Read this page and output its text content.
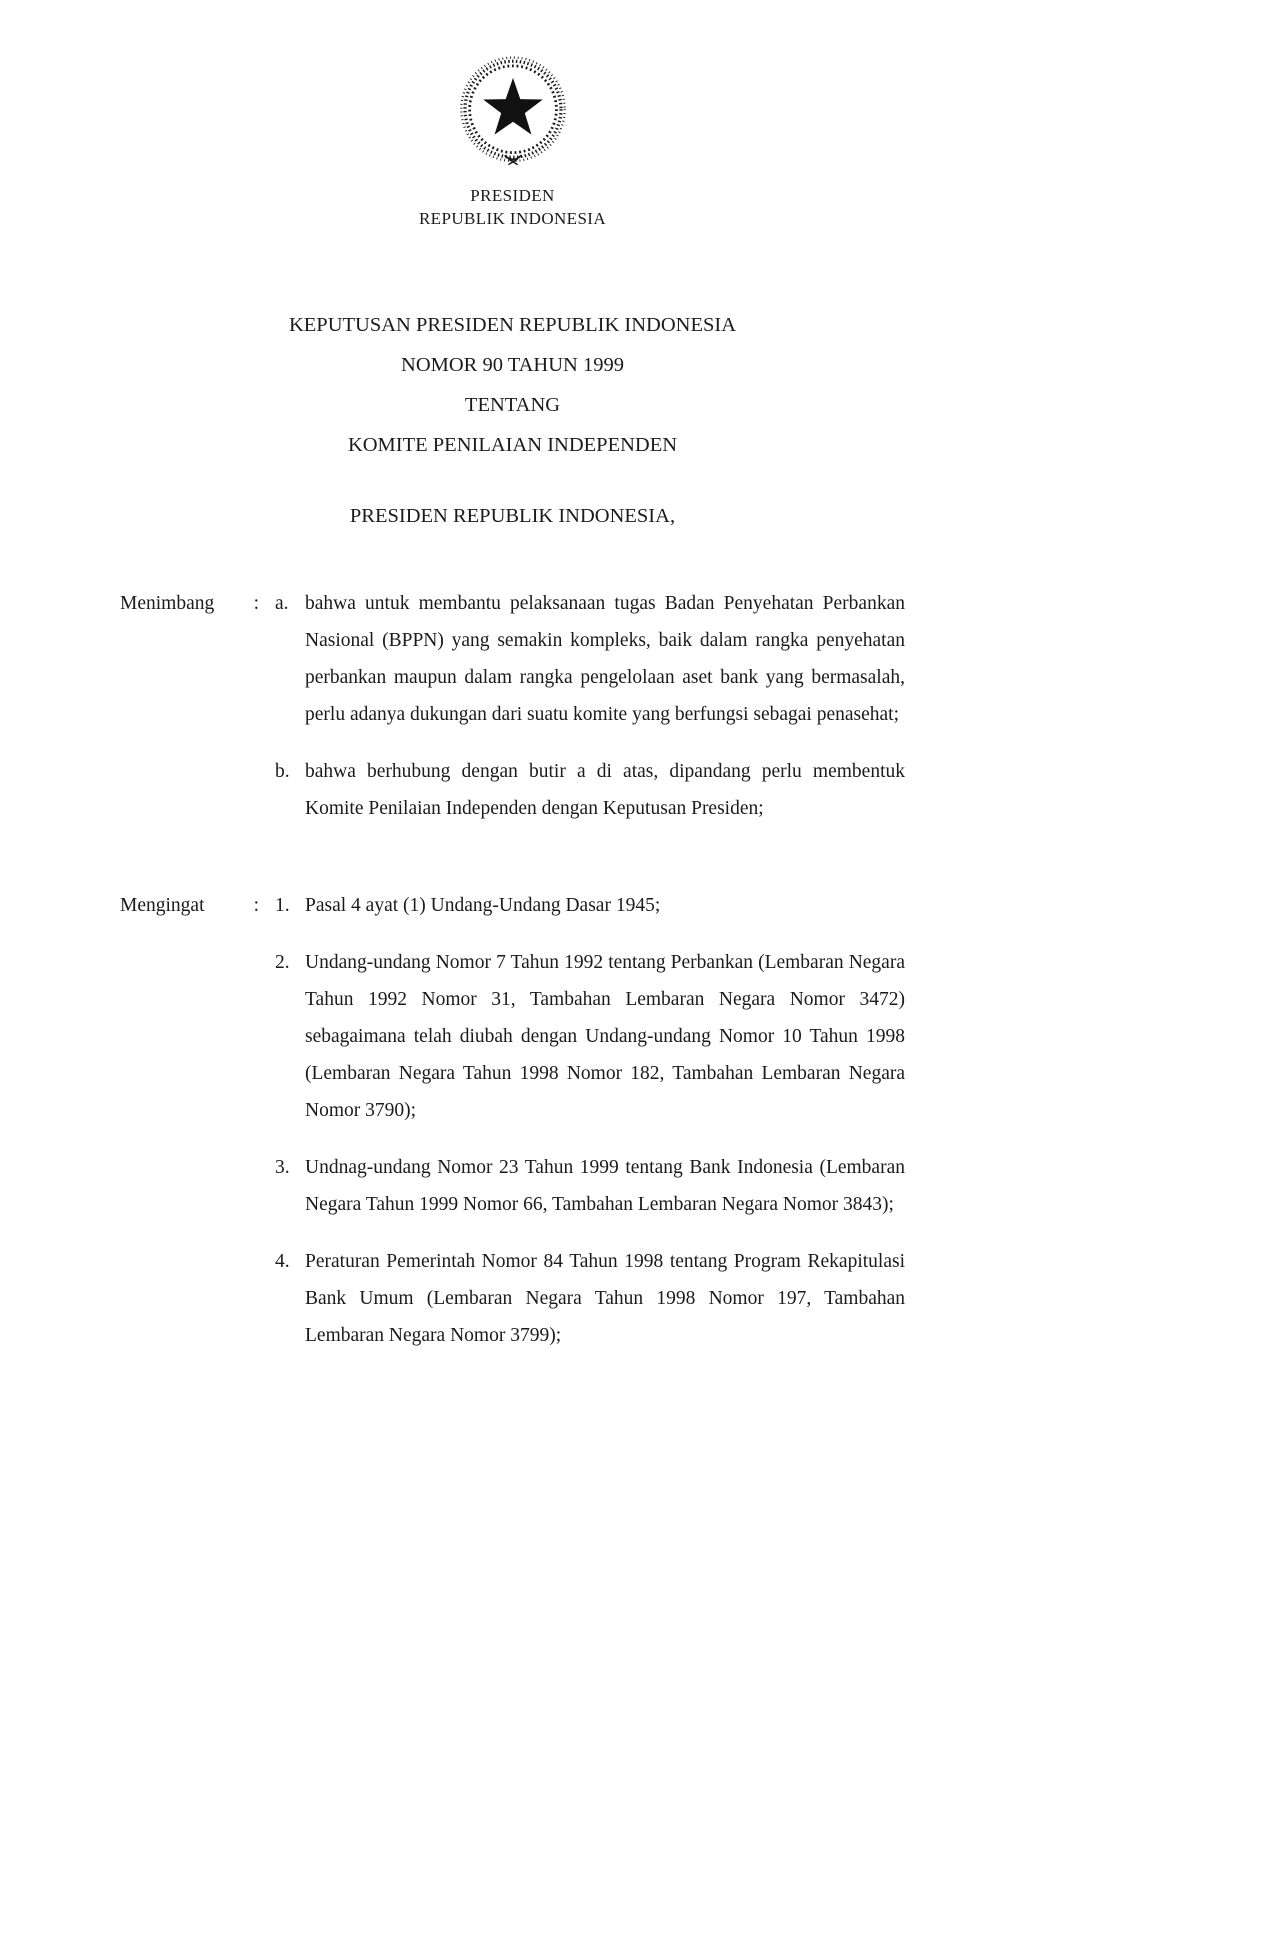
PRESIDEN
REPUBLIK INDONESIA
KEPUTUSAN PRESIDEN REPUBLIK INDONESIA
NOMOR 90 TAHUN 1999
TENTANG
KOMITE PENILAIAN INDEPENDEN
PRESIDEN REPUBLIK INDONESIA,
Menimbang : a. bahwa untuk membantu pelaksanaan tugas Badan Penyehatan Perbankan Nasional (BPPN) yang semakin kompleks, baik dalam rangka penyehatan perbankan maupun dalam rangka pengelolaan aset bank yang bermasalah, perlu adanya dukungan dari suatu komite yang berfungsi sebagai penasehat;

b. bahwa berhubung dengan butir a di atas, dipandang perlu membentuk Komite Penilaian Independen dengan Keputusan Presiden;

Mengingat	: 1. Pasal 4 ayat (1) Undang-Undang Dasar 1945;

2. Undang-undang Nomor 7 Tahun 1992 tentang Perbankan (Lembaran Negara Tahun 1992 Nomor 31, Tambahan Lembaran Negara Nomor 3472) sebagaimana telah diubah dengan Undang-undang Nomor 10 Tahun 1998 (Lembaran Negara Tahun 1998 Nomor 182, Tambahan Lembaran Negara Nomor 3790);

3. Undnag-undang Nomor 23 Tahun 1999 tentang Bank Indonesia (Lembaran Negara Tahun 1999 Nomor 66, Tambahan Lembaran Negara Nomor 3843);

4. Peraturan Pemerintah Nomor 84 Tahun 1998 tentang Program Rekapitulasi Bank Umum (Lembaran Negara Tahun 1998 Nomor 197, Tambahan Lembaran Negara Nomor 3799);
